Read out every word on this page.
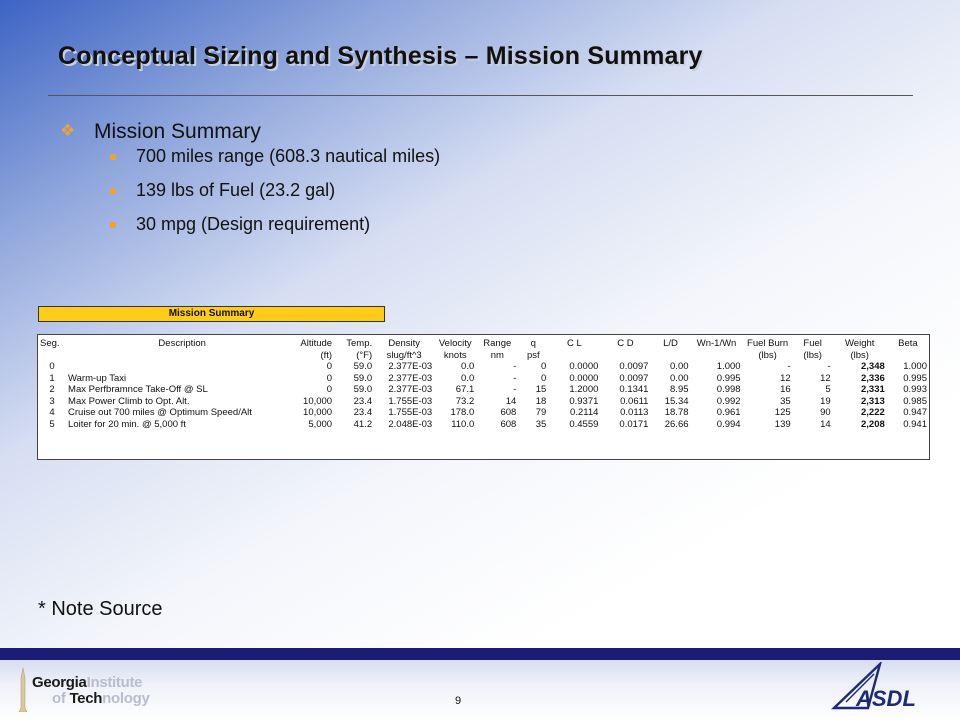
Conceptual Sizing and Synthesis – Mission Summary
❖ Mission Summary
700 miles range (608.3 nautical miles)
139 lbs of Fuel (23.2 gal)
30 mpg (Design requirement)
Mission Summary
Seg.	Description	Altitude	Temp.	Density	Velocity	Range	q	C L	C D	L/D	Wn-1/Wn	Fuel Burn	Fuel	Weight	Beta
		(ft)	(°F)	slug/ft^3	knots	nm	psf					(lbs)	(lbs)	(lbs)	
0		0	59.0	2.377E-03	0.0	-	0	0.0000	0.0097	0.00	1.000	-	-	2,348	1.000
1	Warm-up Taxi	0	59.0	2.377E-03	0.0	-	0	0.0000	0.0097	0.00	0.995	12	12	2,336	0.995
2	Max Perfbramnce Take-Off @ SL	0	59.0	2.377E-03	67.1	-	15	1.2000	0.1341	8.95	0.998	16	5	2,331	0.993
3	Max Power Climb to Opt. Alt.	10,000	23.4	1.755E-03	73.2	14	18	0.9371	0.0611	15.34	0.992	35	19	2,313	0.985
4	Cruise out 700 miles @ Optimum Speed/Alt	10,000	23.4	1.755E-03	178.0	608	79	0.2114	0.0113	18.78	0.961	125	90	2,222	0.947
5	Loiter for 20 min. @ 5,000 ft	5,000	41.2	2.048E-03	110.0	608	35	0.4559	0.0171	26.66	0.994	139	14	2,208	0.941
* Note Source
GeorgiaInstitute
of Technology	9	ASDL
